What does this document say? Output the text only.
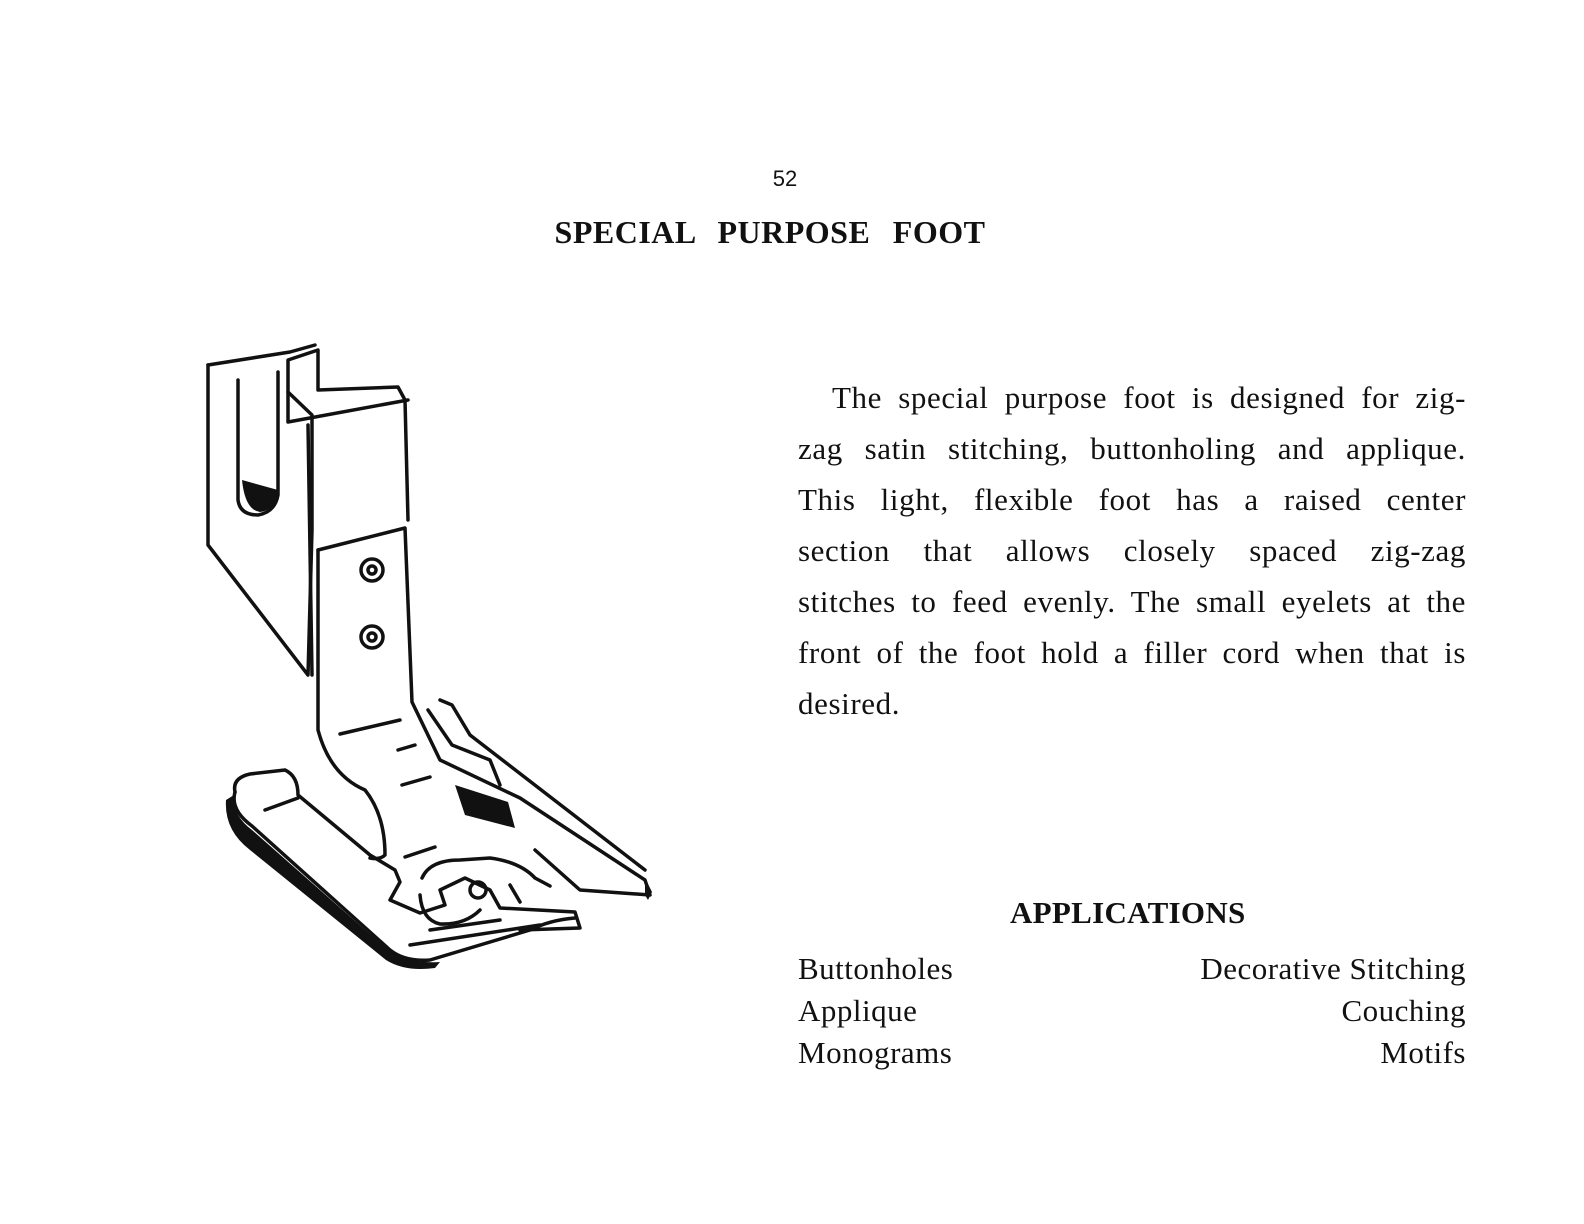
52
SPECIAL PURPOSE FOOT

The special purpose foot is designed for zig-zag satin stitching, buttonholing and applique. This light, flexible foot has a raised center section that allows closely spaced zig-zag stitches to feed evenly. The small eyelets at the front of the foot hold a filler cord when that is desired.

APPLICATIONS
Buttonholes
Applique
Monograms
Decorative Stitching
Couching
Motifs
